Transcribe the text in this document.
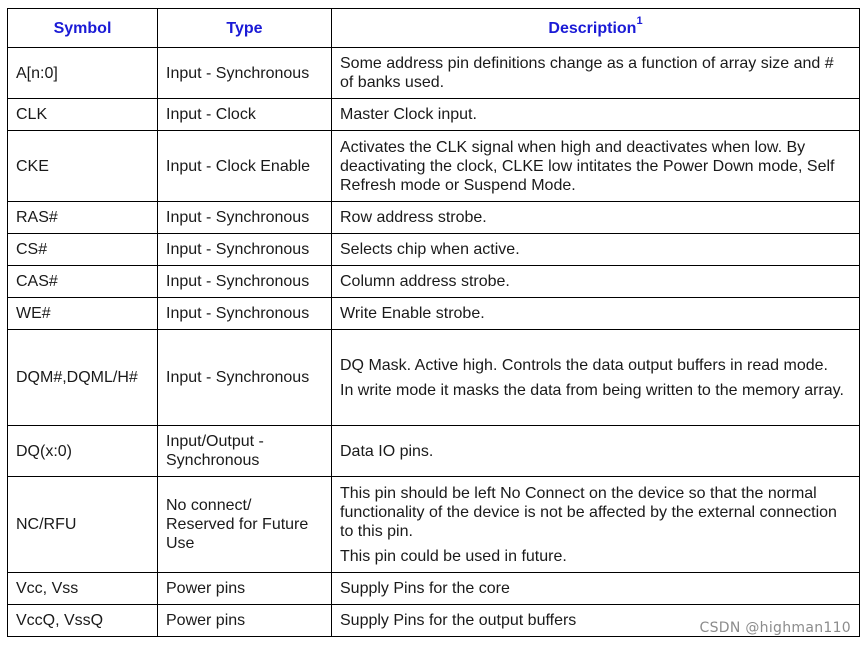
Symbol	Type	Description$^1$
A[n:0]	Input - Synchronous	Some address pin definitions change as a function of array size and # of banks used.

CLK	Input - Clock	Master Clock input.

CKE	Input - Clock Enable	Activates the CLK signal when high and deactivates when low. By deactivating the clock, CLKE low intitates the Power Down mode, Self Refresh mode or Suspend Mode.

RAS#	Input - Synchronous	Row address strobe.

CS#	Input - Synchronous	Selects chip when active.

CAS#	Input - Synchronous	Column address strobe.

WE#	Input - Synchronous	Write Enable strobe.

DQM#,DQML/H#	Input - Synchronous	DQ Mask. Active high. Controls the data output buffers in read mode.

In write mode it masks the data from being written to the memory array.

DQ(x:0)	Input/Output - Synchronous	Data IO pins.

NC/RFU	No connect/ Reserved for Future Use	This pin should be left No Connect on the device so that the normal functionality of the device is not be affected by the external connection to this pin.

This pin could be used in future.

Vcc, Vss	Power pins	Supply Pins for the core

VccQ, VssQ	Power pins	Supply Pins for the output buffers	CSDN @highman110
